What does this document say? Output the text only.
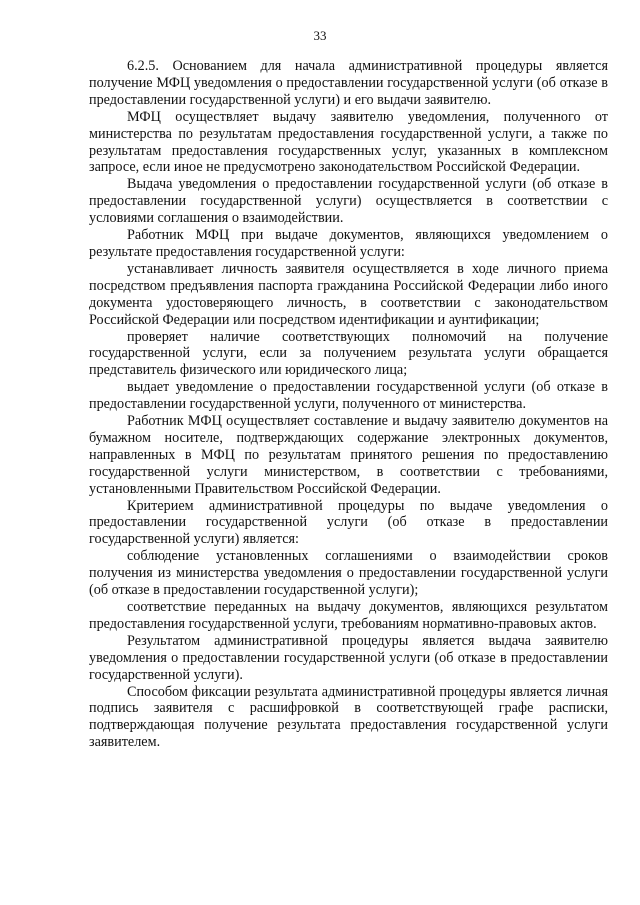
33

6.2.5. Основанием для начала административной процедуры является получение МФЦ уведомления о предоставлении государственной услуги (об отказе в предоставлении государственной услуги) и его выдачи заявителю.

МФЦ осуществляет выдачу заявителю уведомления, полученного от министерства по результатам предоставления государственной услуги, а также по результатам предоставления государственных услуг, указанных в комплексном запросе, если иное не предусмотрено законодательством Российской Федерации.

Выдача уведомления о предоставлении государственной услуги (об отказе в предоставлении государственной услуги) осуществляется в соответствии с условиями соглашения о взаимодействии.

Работник МФЦ при выдаче документов, являющихся уведомлением о результате предоставления государственной услуги:

устанавливает личность заявителя осуществляется в ходе личного приема посредством предъявления паспорта гражданина Российской Федерации либо иного документа удостоверяющего личность, в соответствии с законодательством Российской Федерации или посредством идентификации и аунтификации;

проверяет наличие соответствующих полномочий на получение государственной услуги, если за получением результата услуги обращается представитель физического или юридического лица;

выдает уведомление о предоставлении государственной услуги (об отказе в предоставлении государственной услуги, полученного от министерства.

Работник МФЦ осуществляет составление и выдачу заявителю документов на бумажном носителе, подтверждающих содержание электронных документов, направленных в МФЦ по результатам принятого решения по предоставлению государственной услуги министерством, в соответствии с требованиями, установленными Правительством Российской Федерации.

Критерием административной процедуры по выдаче уведомления о предоставлении государственной услуги (об отказе в предоставлении государственной услуги) является:

соблюдение установленных соглашениями о взаимодействии сроков получения из министерства уведомления о предоставлении государственной услуги (об отказе в предоставлении государственной услуги);

соответствие переданных на выдачу документов, являющихся результатом предоставления государственной услуги, требованиям нормативно-правовых актов.

Результатом административной процедуры является выдача заявителю уведомления о предоставлении государственной услуги (об отказе в предоставлении государственной услуги).

Способом фиксации результата административной процедуры является личная подпись заявителя с расшифровкой в соответствующей графе расписки, подтверждающая получение результата предоставления государственной услуги заявителем.
